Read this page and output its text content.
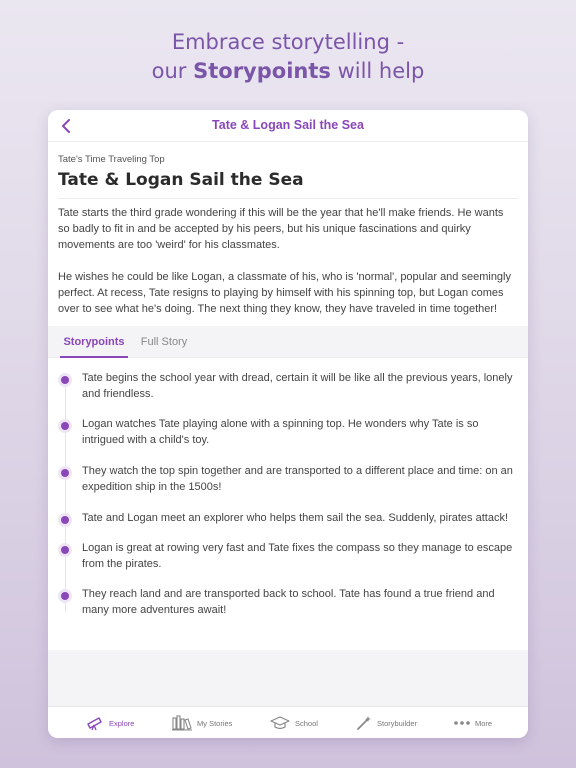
Embrace storytelling -
our Storypoints will help
Tate & Logan Sail the Sea
Tate's Time Traveling Top
Tate & Logan Sail the Sea

Tate starts the third grade wondering if this will be the year that he'll make friends. He wants so badly to fit in and be accepted by his peers, but his unique fascinations and quirky movements are too 'weird' for his classmates.

He wishes he could be like Logan, a classmate of his, who is 'normal', popular and seemingly perfect. At recess, Tate resigns to playing by himself with his spinning top, but Logan comes over to see what he's doing. The next thing they know, they have traveled in time together!

Storypoints	Full Story
Tate begins the school year with dread, certain it will be like all the previous years, lonely and friendless.
Logan watches Tate playing alone with a spinning top. He wonders why Tate is so intrigued with a child's toy.
They watch the top spin together and are transported to a different place and time: on an expedition ship in the 1500s!
Tate and Logan meet an explorer who helps them sail the sea. Suddenly, pirates attack!
Logan is great at rowing very fast and Tate fixes the compass so they manage to escape from the pirates.
They reach land and are transported back to school. Tate has found a true friend and many more adventures await!
Explore	My Stories	School	Storybuilder	More
